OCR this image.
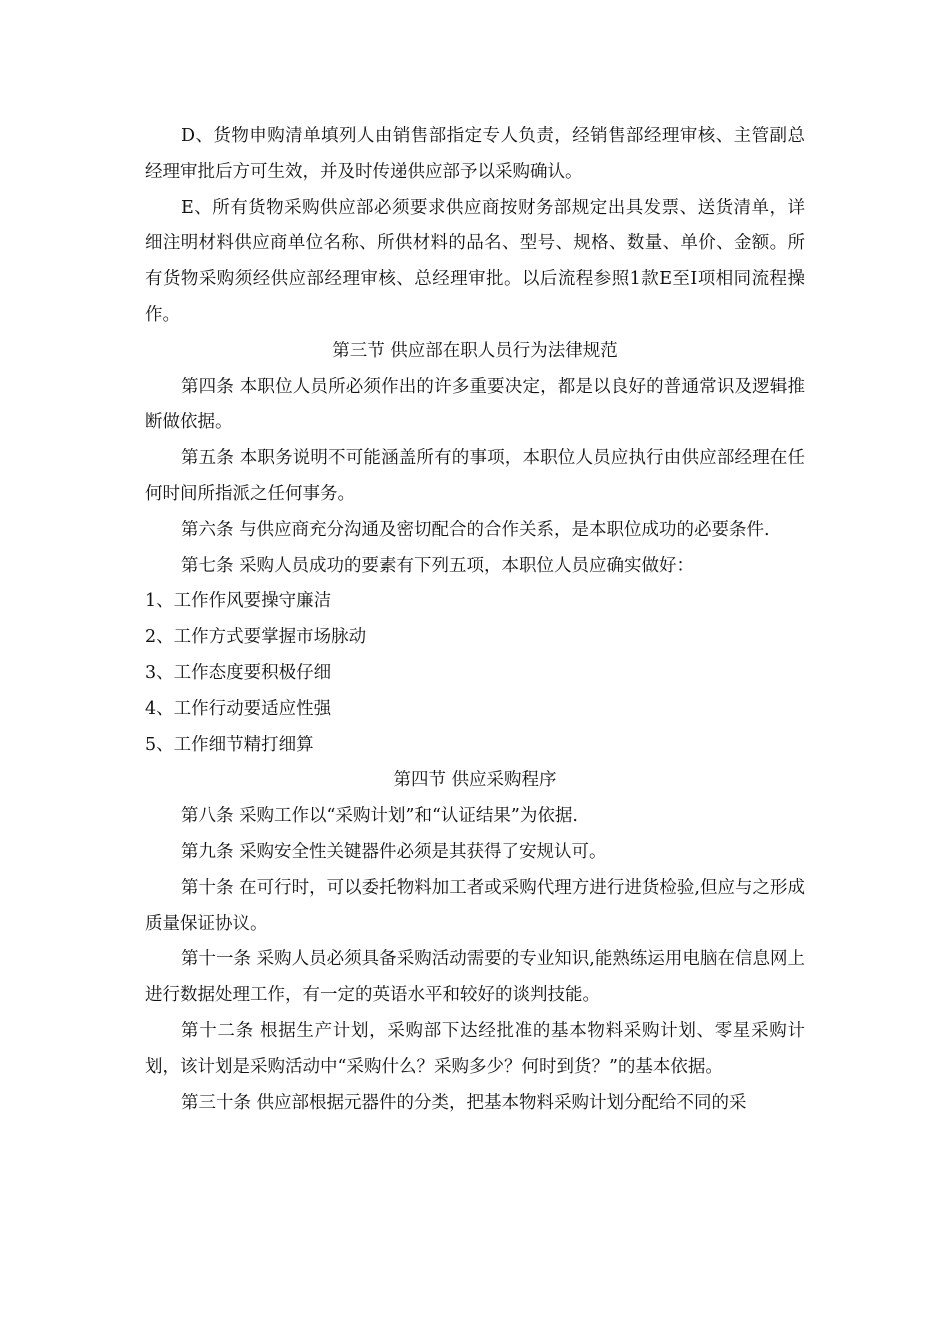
D、货物申购清单填列人由销售部指定专人负责，经销售部经理审核、主管副总经理审批后方可生效，并及时传递供应部予以采购确认。

E、所有货物采购供应部必须要求供应商按财务部规定出具发票、送货清单，详细注明材料供应商单位名称、所供材料的品名、型号、规格、数量、单价、金额。所有货物采购须经供应部经理审核、总经理审批。以后流程参照1款E至I项相同流程操作。

第三节 供应部在职人员行为法律规范

第四条 本职位人员所必须作出的许多重要决定，都是以良好的普通常识及逻辑推断做依据。

第五条 本职务说明不可能涵盖所有的事项，本职位人员应执行由供应部经理在任何时间所指派之任何事务。

第六条 与供应商充分沟通及密切配合的合作关系，是本职位成功的必要条件.

第七条 采购人员成功的要素有下列五项，本职位人员应确实做好：

1、工作作风要操守廉洁

2、工作方式要掌握市场脉动

3、工作态度要积极仔细

4、工作行动要适应性强

5、工作细节精打细算

第四节 供应采购程序

第八条 采购工作以“采购计划”和“认证结果”为依据.

第九条 采购安全性关键器件必须是其获得了安规认可。

第十条 在可行时，可以委托物料加工者或采购代理方进行进货检验,但应与之形成质量保证协议。

第十一条 采购人员必须具备采购活动需要的专业知识,能熟练运用电脑在信息网上进行数据处理工作，有一定的英语水平和较好的谈判技能。

第十二条 根据生产计划，采购部下达经批准的基本物料采购计划、零星采购计划，该计划是采购活动中“采购什么？采购多少？何时到货？”的基本依据。

第三十条 供应部根据元器件的分类，把基本物料采购计划分配给不同的采
